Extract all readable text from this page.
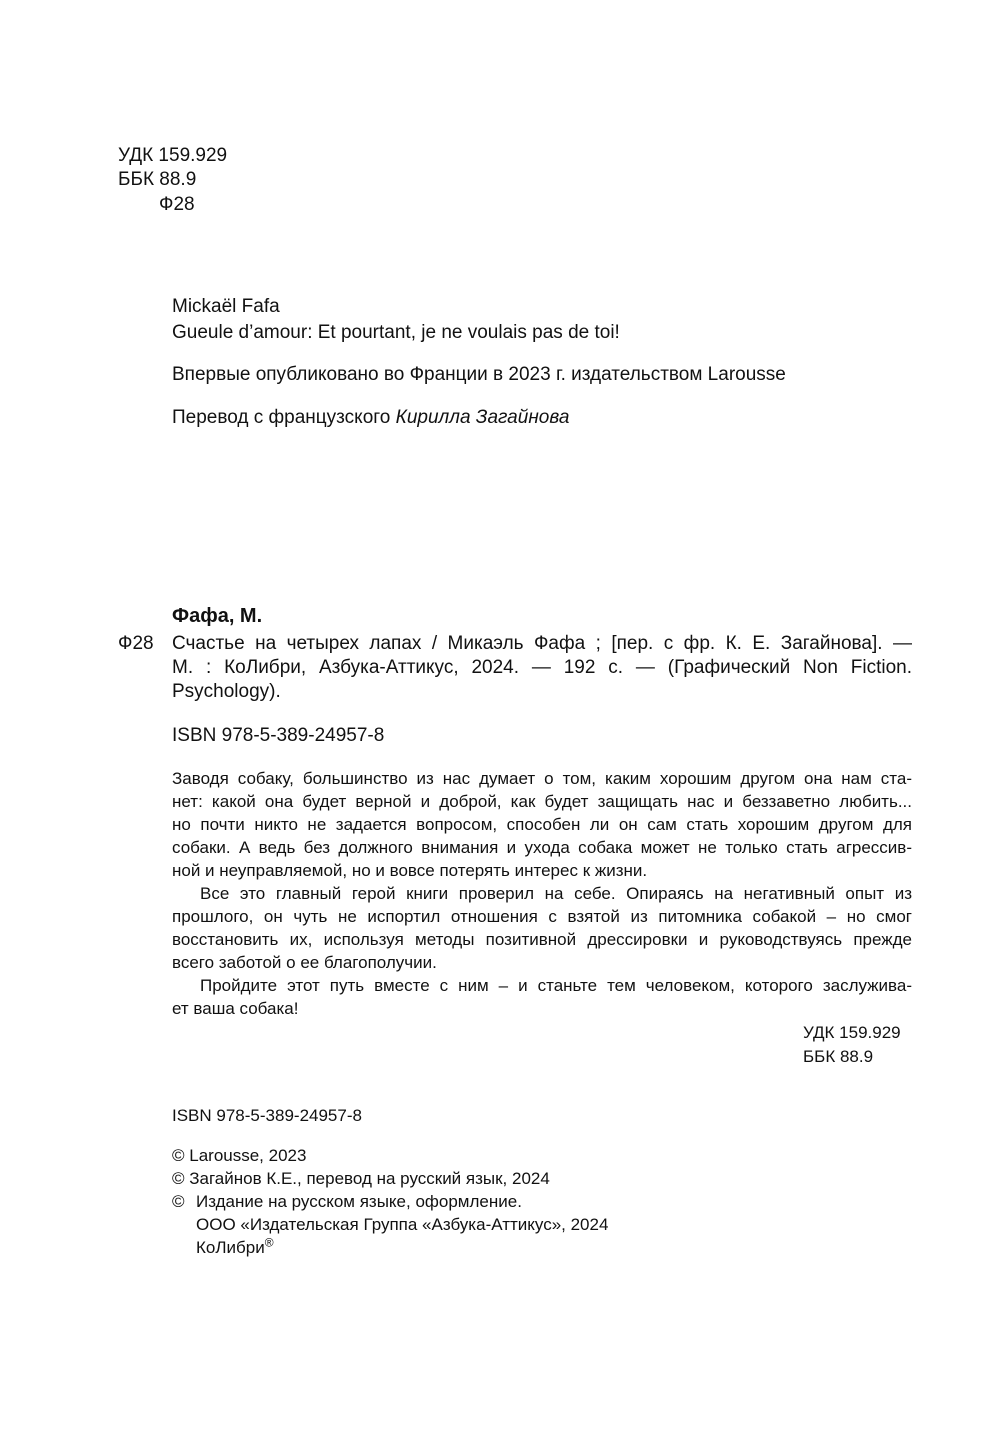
УДК 159.929
ББК 88.9
Ф28
Mickaël Fafa
Gueule d’amour: Et pourtant, je ne voulais pas de toi!
Впервые опубликовано во Франции в 2023 г. издательством Larousse
Перевод с французского Кирилла Загайнова
Фафа, М.
Ф28 Счастье на четырех лапах / Микаэль Фафа ; [пер. с фр. К. Е. Загайнова]. —
М. : КоЛибри, Азбука-Аттикус, 2024. — 192 с. — (Графический Non Fiction.
Psychology).
ISBN 978-5-389-24957-8
Заводя собаку, большинство из нас думает о том, каким хорошим другом она нам ста-
нет: какой она будет верной и доброй, как будет защищать нас и беззаветно любить...
но почти никто не задается вопросом, способен ли он сам стать хорошим другом для
собаки. А ведь без должного внимания и ухода собака может не только стать агрессив-
ной и неуправляемой, но и вовсе потерять интерес к жизни.
Все это главный герой книги проверил на себе. Опираясь на негативный опыт из
прошлого, он чуть не испортил отношения с взятой из питомника собакой – но смог
восстановить их, используя методы позитивной дрессировки и руководствуясь прежде
всего заботой о ее благополучии.
Пройдите этот путь вместе с ним – и станьте тем человеком, которого заслужива-
ет ваша собака!
УДК 159.929
ББК 88.9
ISBN 978-5-389-24957-8
© Larousse, 2023
© Загайнов К.Е., перевод на русский язык, 2024
© Издание на русском языке, оформление.
ООО «Издательская Группа «Азбука-Аттикус», 2024
КоЛибри®
